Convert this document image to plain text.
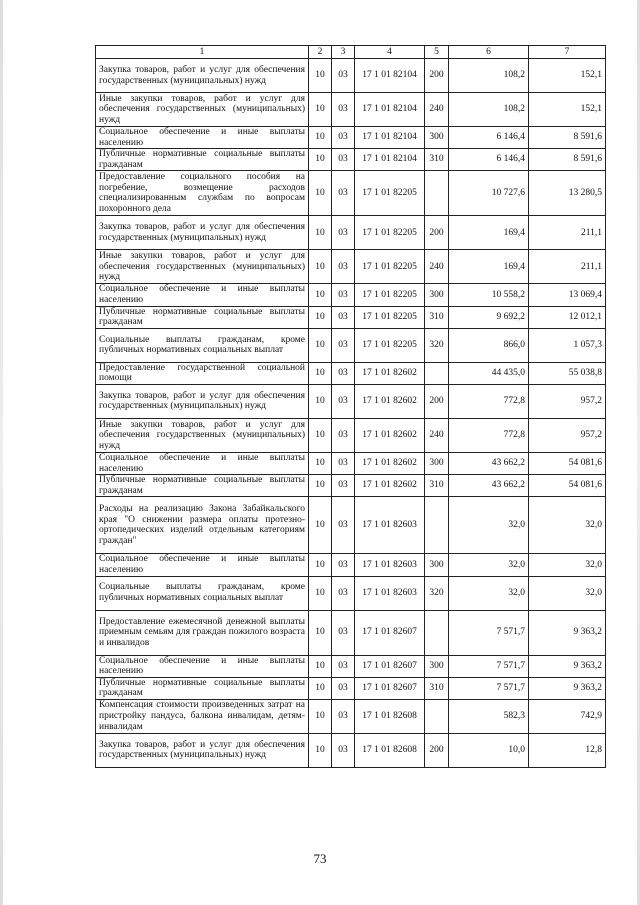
1	2	3	4	5	6	7
Закупка товаров, работ и услуг для обеспечения государственных (муниципальных) нужд	10	03	17 1 01 82104	200	108,2	152,1
Иные закупки товаров, работ и услуг для обеспечения государственных (муниципальных) нужд	10	03	17 1 01 82104	240	108,2	152,1
Социальное обеспечение и иные выплаты населению	10	03	17 1 01 82104	300	6 146,4	8 591,6
Публичные нормативные социальные выплаты гражданам	10	03	17 1 01 82104	310	6 146,4	8 591,6
Предоставление социального пособия на погребение, возмещение расходов специализированным службам по вопросам похоронного дела	10	03	17 1 01 82205		10 727,6	13 280,5
Закупка товаров, работ и услуг для обеспечения государственных (муниципальных) нужд	10	03	17 1 01 82205	200	169,4	211,1
Иные закупки товаров, работ и услуг для обеспечения государственных (муниципальных) нужд	10	03	17 1 01 82205	240	169,4	211,1
Социальное обеспечение и иные выплаты населению	10	03	17 1 01 82205	300	10 558,2	13 069,4
Публичные нормативные социальные выплаты гражданам	10	03	17 1 01 82205	310	9 692,2	12 012,1
Социальные выплаты гражданам, кроме публичных нормативных социальных выплат	10	03	17 1 01 82205	320	866,0	1 057,3
Предоставление государственной социальной помощи	10	03	17 1 01 82602		44 435,0	55 038,8
Закупка товаров, работ и услуг для обеспечения государственных (муниципальных) нужд	10	03	17 1 01 82602	200	772,8	957,2
Иные закупки товаров, работ и услуг для обеспечения государственных (муниципальных) нужд	10	03	17 1 01 82602	240	772,8	957,2
Социальное обеспечение и иные выплаты населению	10	03	17 1 01 82602	300	43 662,2	54 081,6
Публичные нормативные социальные выплаты гражданам	10	03	17 1 01 82602	310	43 662,2	54 081,6
Расходы на реализацию Закона Забайкальского края "О снижении размера оплаты протезно-ортопедических изделий отдельным категориям граждан"	10	03	17 1 01 82603		32,0	32,0
Социальное обеспечение и иные выплаты населению	10	03	17 1 01 82603	300	32,0	32,0
Социальные выплаты гражданам, кроме публичных нормативных социальных выплат	10	03	17 1 01 82603	320	32,0	32,0
Предоставление ежемесячной денежной выплаты приемным семьям для граждан пожилого возраста и инвалидов	10	03	17 1 01 82607		7 571,7	9 363,2
Социальное обеспечение и иные выплаты населению	10	03	17 1 01 82607	300	7 571,7	9 363,2
Публичные нормативные социальные выплаты гражданам	10	03	17 1 01 82607	310	7 571,7	9 363,2
Компенсация стоимости произведенных затрат на пристройку пандуса, балкона инвалидам, детям-инвалидам	10	03	17 1 01 82608		582,3	742,9
Закупка товаров, работ и услуг для обеспечения государственных (муниципальных) нужд	10	03	17 1 01 82608	200	10,0	12,8
73
